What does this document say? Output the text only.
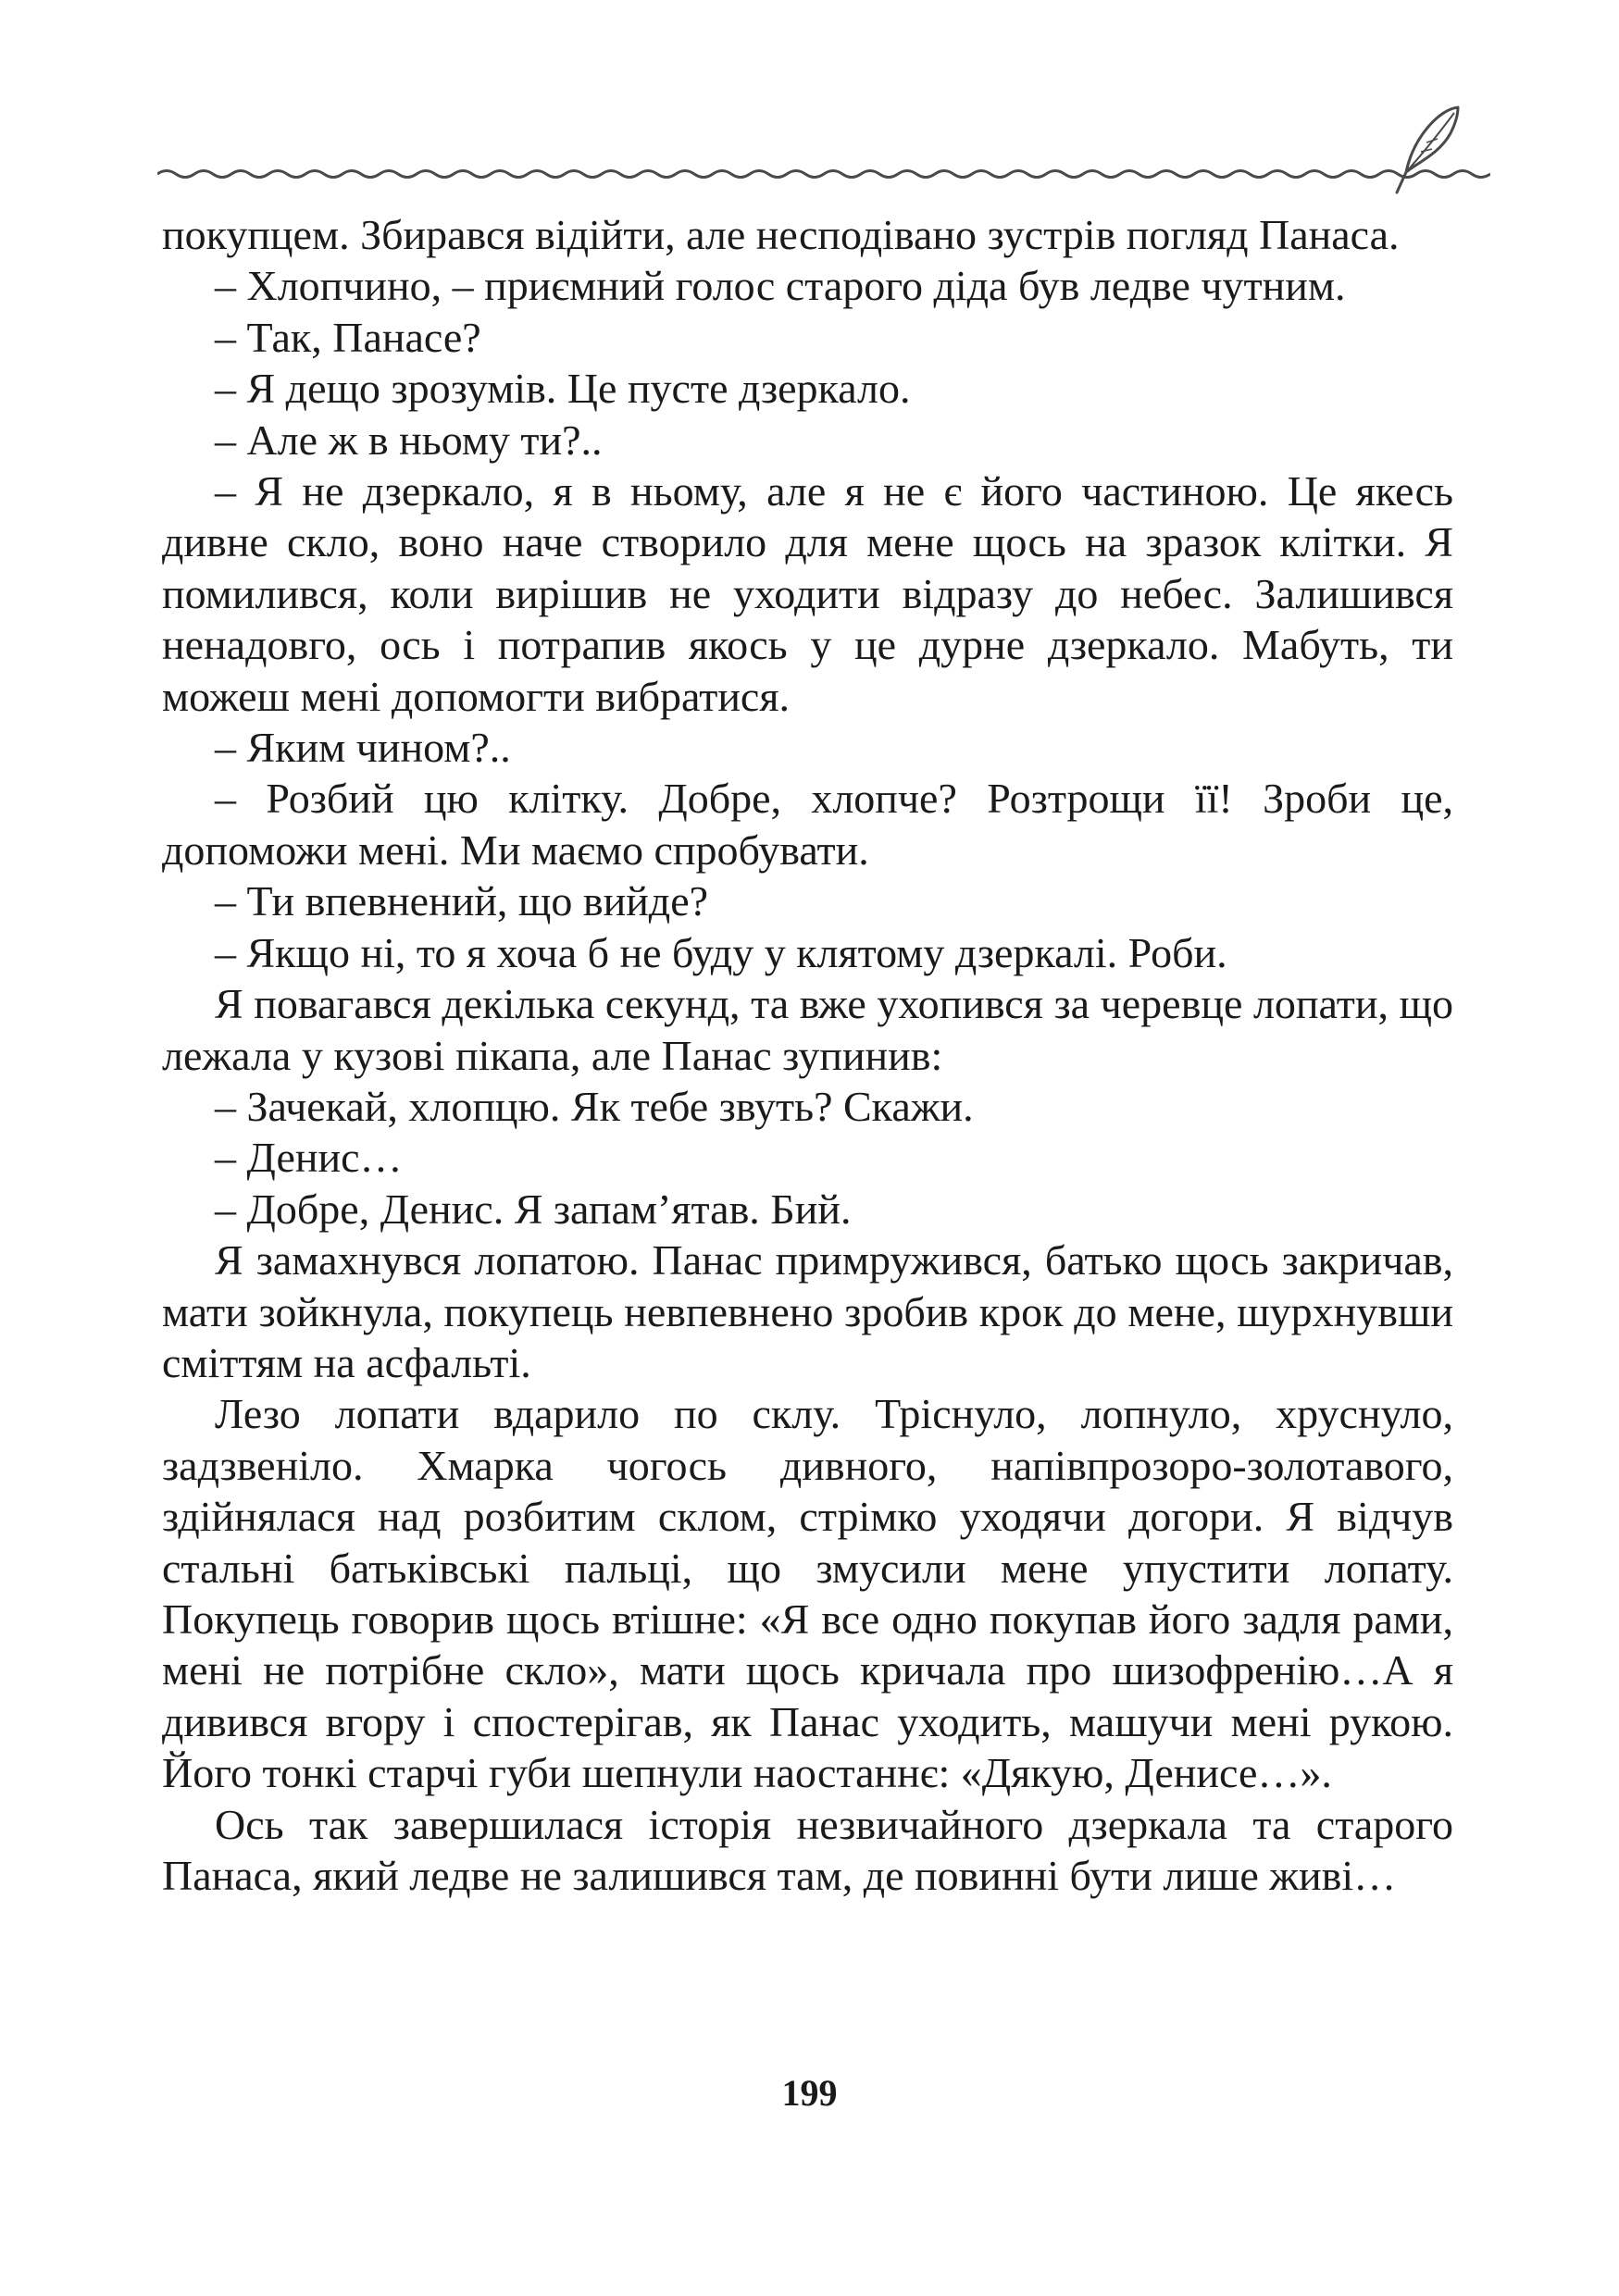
покупцем. Збирався відійти, але несподівано зустрів погляд Панаса.

– Хлопчино, – приємний голос старого діда був ледве чутним.

– Так, Панасе?

– Я дещо зрозумів. Це пусте дзеркало.

– Але ж в ньому ти?..

– Я не дзеркало, я в ньому, але я не є його частиною. Це якесь дивне скло, воно наче створило для мене щось на зразок клітки. Я помилився, коли вирішив не уходити відразу до небес. Залишився ненадовго, ось і потрапив якось у це дурне дзеркало. Мабуть, ти можеш мені допомогти вибратися.

– Яким чином?..

– Розбий цю клітку. Добре, хлопче? Розтрощи її! Зроби це, допоможи мені. Ми маємо спробувати.

– Ти впевнений, що вийде?

– Якщо ні, то я хоча б не буду у клятому дзеркалі. Роби.

Я повагався декілька секунд, та вже ухопився за черевце лопати, що лежала у кузові пікапа, але Панас зупинив:

– Зачекай, хлопцю. Як тебе звуть? Скажи.

– Денис…

– Добре, Денис. Я запам’ятав. Бий.

Я замахнувся лопатою. Панас примружився, батько щось закричав, мати зойкнула, покупець невпевнено зробив крок до мене, шурхнувши сміттям на асфальті.

Лезо лопати вдарило по склу. Тріснуло, лопнуло, хруснуло, задзвеніло. Хмарка чогось дивного, напівпрозоро-золотавого, здійнялася над розбитим склом, стрімко уходячи догори. Я відчув стальні батьківські пальці, що змусили мене упустити лопату. Покупець говорив щось втішне: «Я все одно покупав його задля рами, мені не потрібне скло», мати щось кричала про шизофренію…А я дивився вгору і спостерігав, як Панас уходить, машучи мені рукою. Його тонкі старчі губи шепнули наостаннє: «Дякую, Денисе…».

Ось так завершилася історія незвичайного дзеркала та старого Панаса, який ледве не залишився там, де повинні бути лише живі…

199
